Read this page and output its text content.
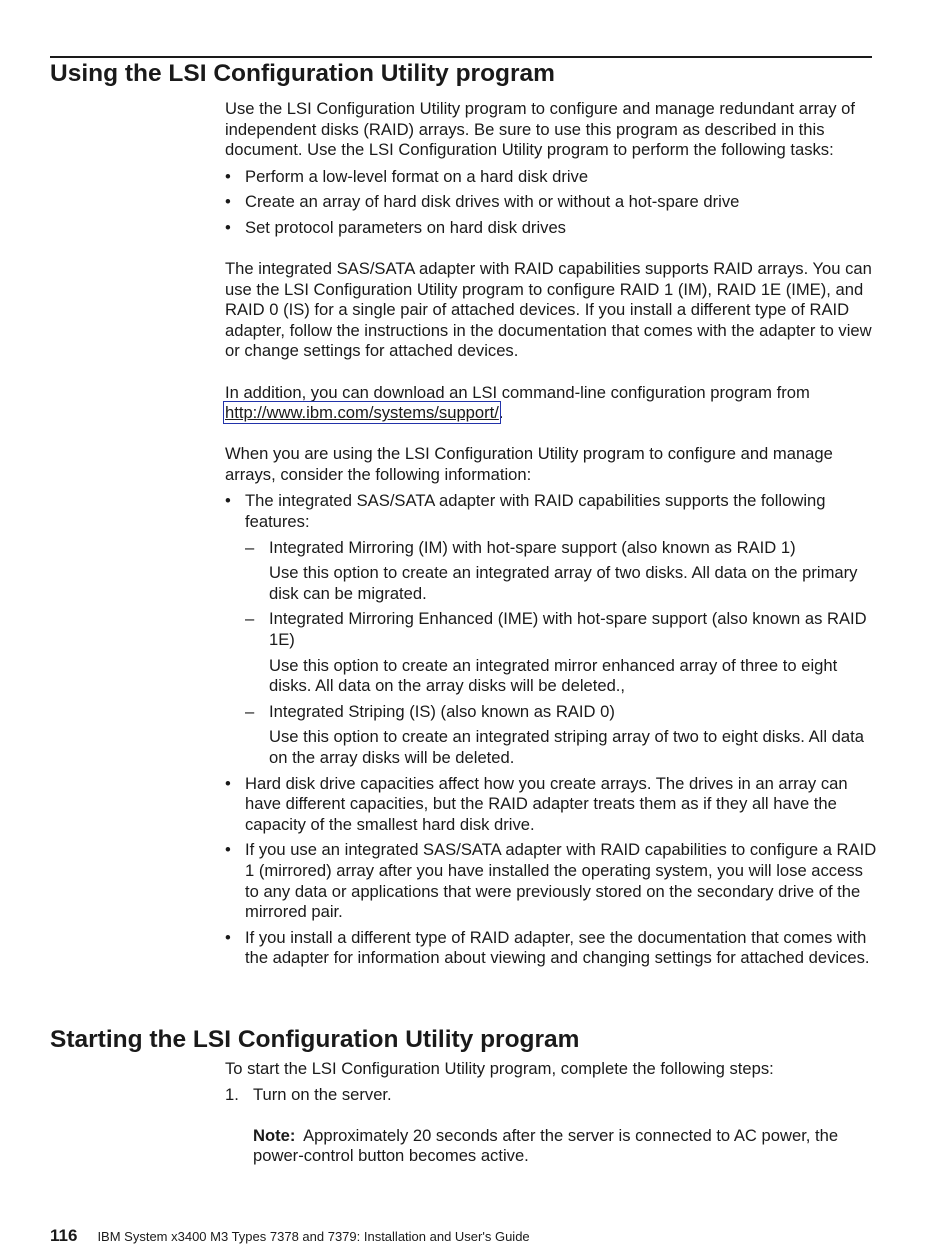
Using the LSI Configuration Utility program

Use the LSI Configuration Utility program to configure and manage redundant array of independent disks (RAID) arrays. Be sure to use this program as described in this document. Use the LSI Configuration Utility program to perform the following tasks:

• Perform a low-level format on a hard disk drive
• Create an array of hard disk drives with or without a hot-spare drive
• Set protocol parameters on hard disk drives

The integrated SAS/SATA adapter with RAID capabilities supports RAID arrays. You can use the LSI Configuration Utility program to configure RAID 1 (IM), RAID 1E (IME), and RAID 0 (IS) for a single pair of attached devices. If you install a different type of RAID adapter, follow the instructions in the documentation that comes with the adapter to view or change settings for attached devices.

In addition, you can download an LSI command-line configuration program from http://www.ibm.com/systems/support/.

When you are using the LSI Configuration Utility program to configure and manage arrays, consider the following information:

• The integrated SAS/SATA adapter with RAID capabilities supports the following features:
– Integrated Mirroring (IM) with hot-spare support (also known as RAID 1)
Use this option to create an integrated array of two disks. All data on the primary disk can be migrated.
– Integrated Mirroring Enhanced (IME) with hot-spare support (also known as RAID 1E)
Use this option to create an integrated mirror enhanced array of three to eight disks. All data on the array disks will be deleted.,
– Integrated Striping (IS) (also known as RAID 0)
Use this option to create an integrated striping array of two to eight disks. All data on the array disks will be deleted.
• Hard disk drive capacities affect how you create arrays. The drives in an array can have different capacities, but the RAID adapter treats them as if they all have the capacity of the smallest hard disk drive.
• If you use an integrated SAS/SATA adapter with RAID capabilities to configure a RAID 1 (mirrored) array after you have installed the operating system, you will lose access to any data or applications that were previously stored on the secondary drive of the mirrored pair.
• If you install a different type of RAID adapter, see the documentation that comes with the adapter for information about viewing and changing settings for attached devices.
Starting the LSI Configuration Utility program

To start the LSI Configuration Utility program, complete the following steps:

1. Turn on the server.
Note: Approximately 20 seconds after the server is connected to AC power, the power-control button becomes active.
116 IBM System x3400 M3 Types 7378 and 7379: Installation and User's Guide
